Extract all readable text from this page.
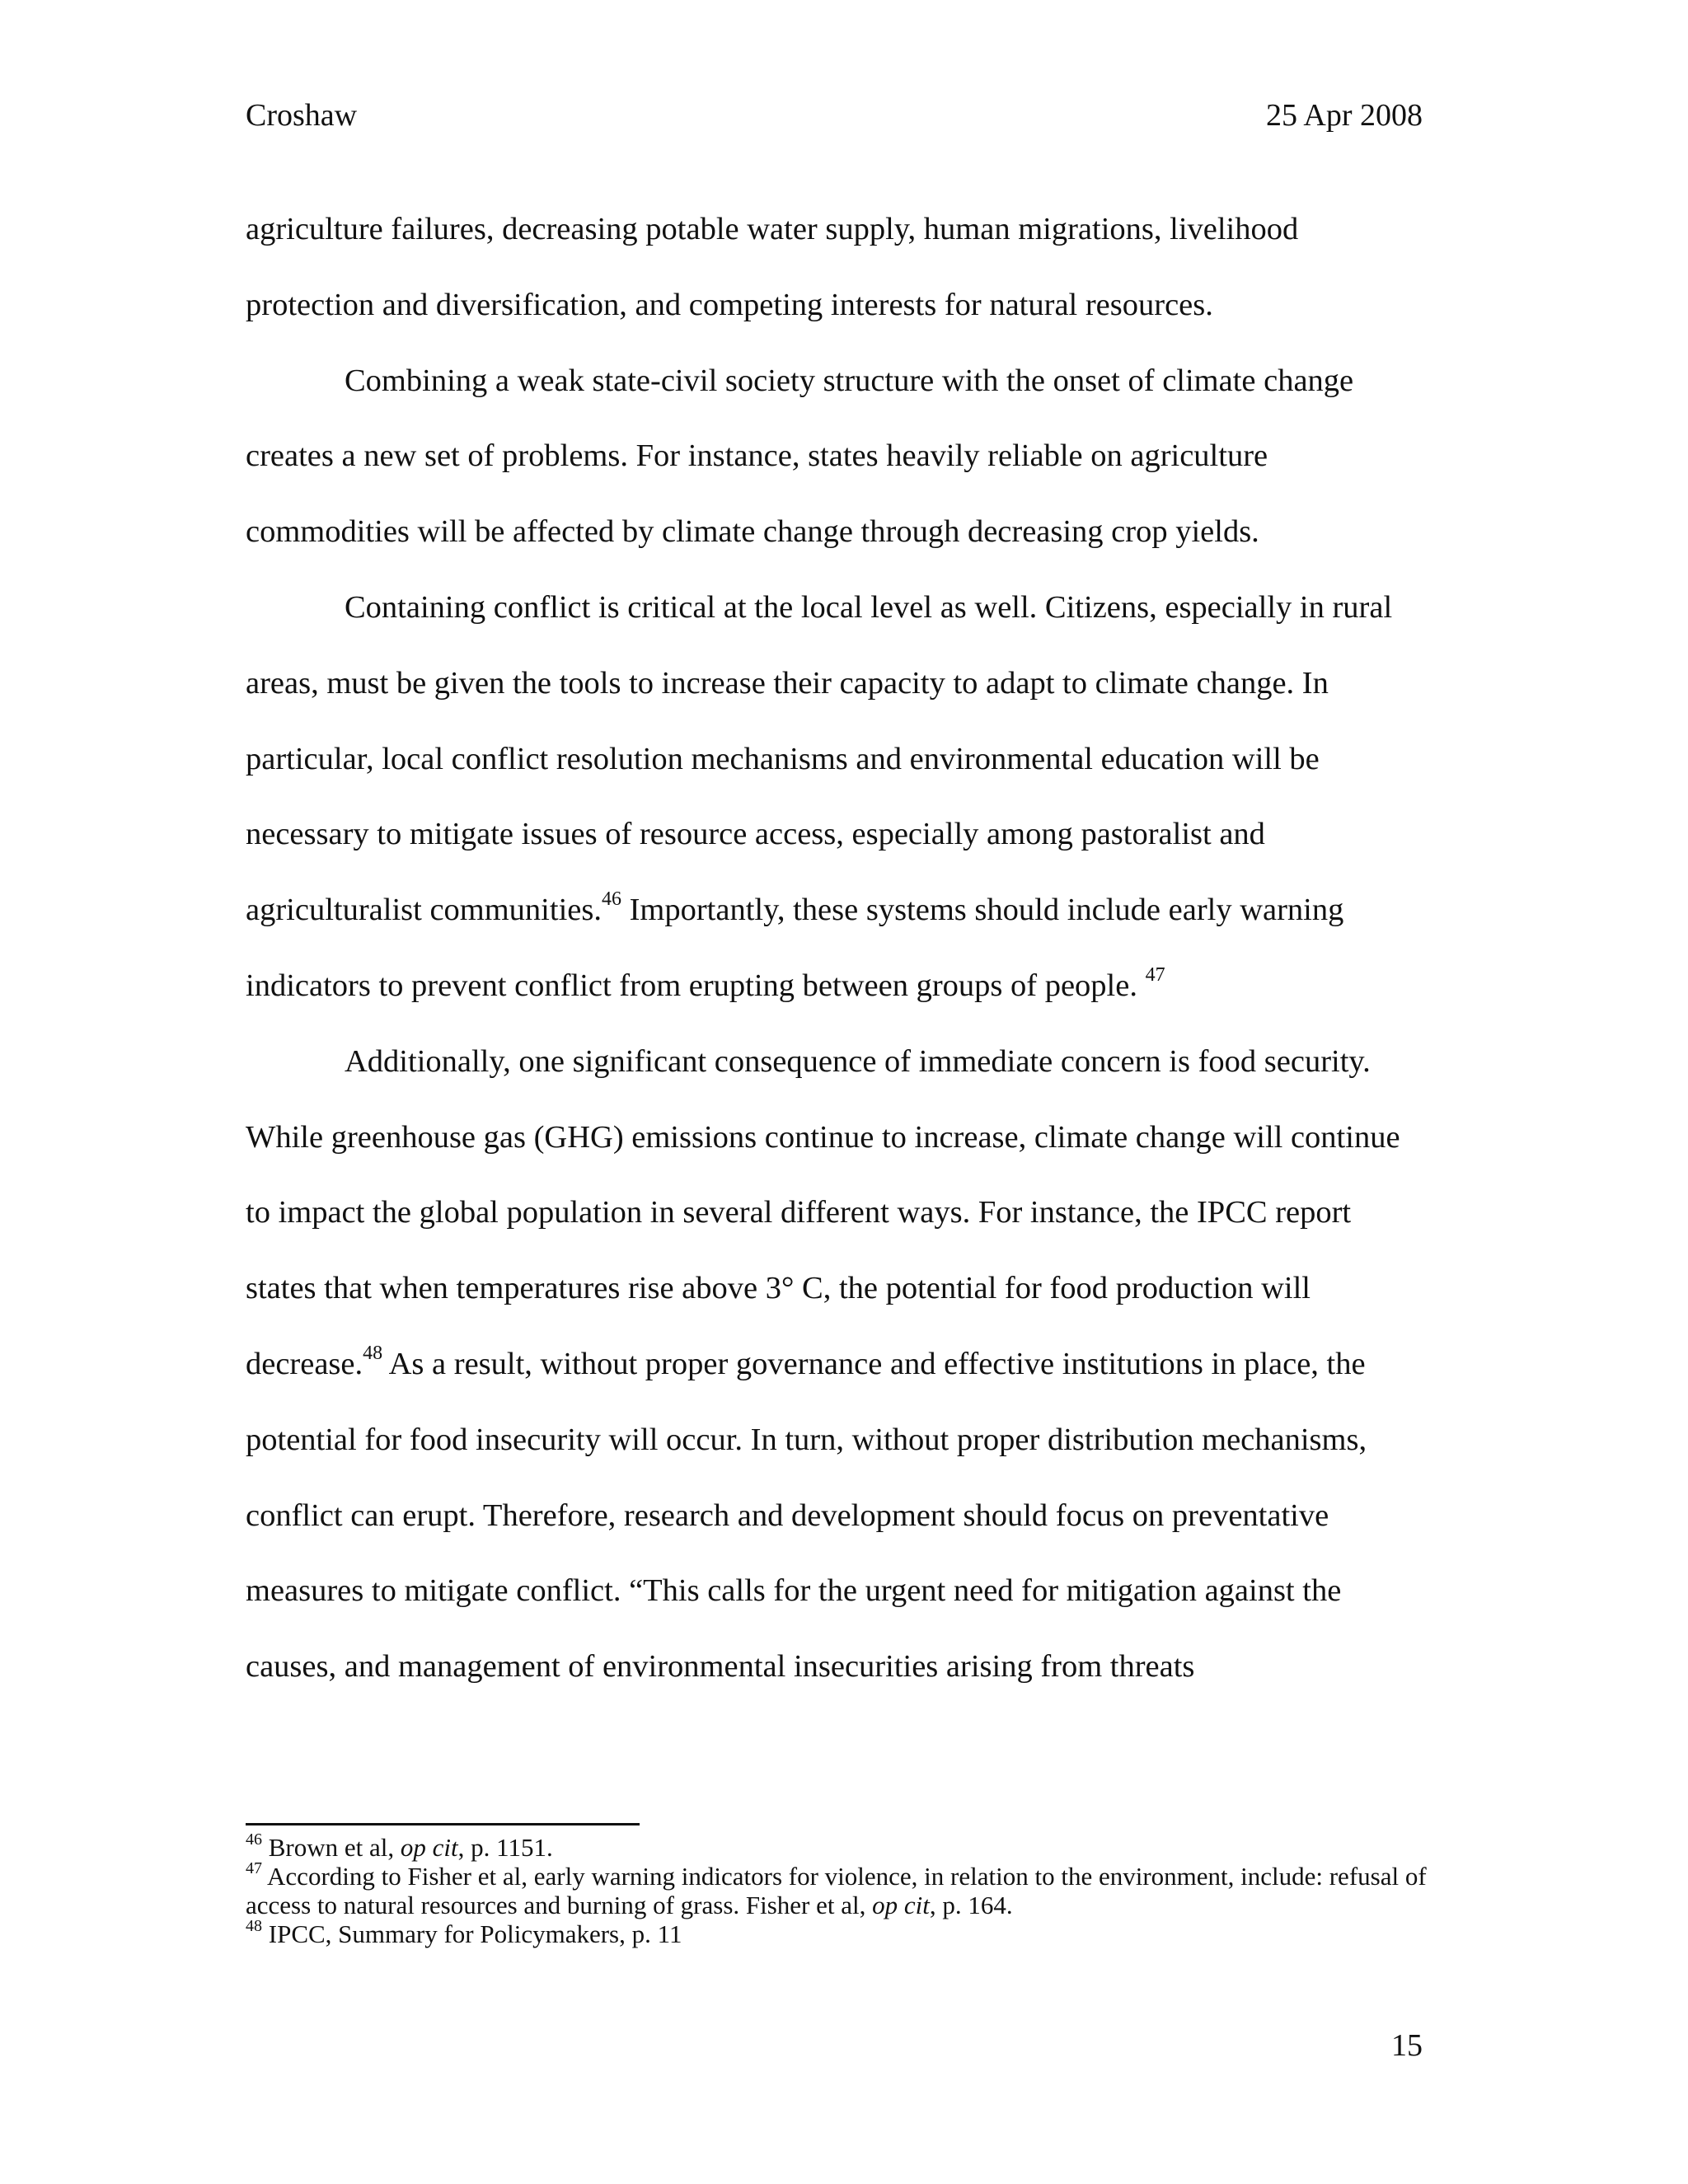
Croshaw	25 Apr 2008

agriculture failures, decreasing potable water supply, human migrations, livelihood protection and diversification, and competing interests for natural resources.

Combining a weak state-civil society structure with the onset of climate change creates a new set of problems. For instance, states heavily reliable on agriculture commodities will be affected by climate change through decreasing crop yields.

Containing conflict is critical at the local level as well. Citizens, especially in rural areas, must be given the tools to increase their capacity to adapt to climate change. In particular, local conflict resolution mechanisms and environmental education will be necessary to mitigate issues of resource access, especially among pastoralist and agriculturalist communities.$^{46}$ Importantly, these systems should include early warning indicators to prevent conflict from erupting between groups of people. $^{47}$

Additionally, one significant consequence of immediate concern is food security. While greenhouse gas (GHG) emissions continue to increase, climate change will continue to impact the global population in several different ways. For instance, the IPCC report states that when temperatures rise above 3° C, the potential for food production will decrease.$^{48}$ As a result, without proper governance and effective institutions in place, the potential for food insecurity will occur. In turn, without proper distribution mechanisms, conflict can erupt. Therefore, research and development should focus on preventative measures to mitigate conflict. “This calls for the urgent need for mitigation against the causes, and management of environmental insecurities arising from threats

$^{46}$ Brown et al, op cit, p. 1151.

$^{47}$ According to Fisher et al, early warning indicators for violence, in relation to the environment, include: refusal of access to natural resources and burning of grass. Fisher et al, op cit, p. 164.

$^{48}$ IPCC, Summary for Policymakers, p. 11

15
